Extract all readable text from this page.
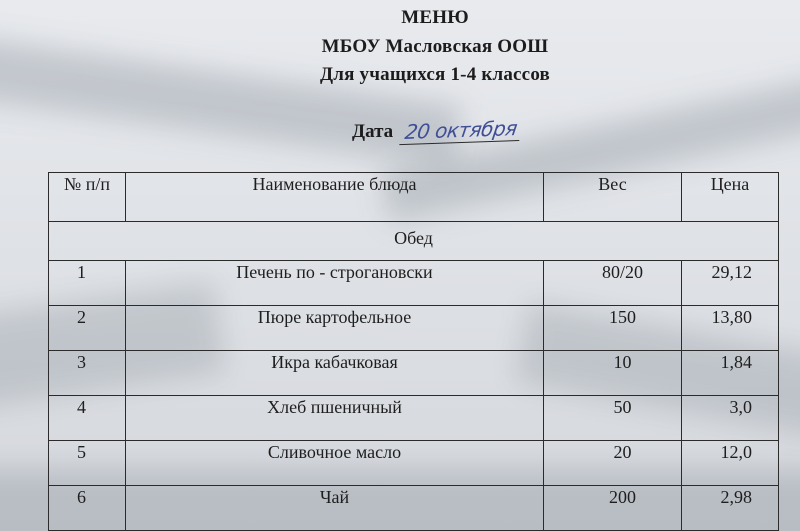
МЕНЮ
МБОУ Масловская ООШ
Для учащихся 1-4 классов
Дата 20 октября
№ п/п	Наименование блюда	Вес	Цена
Обед			
1	Печень по - строгановски	80/20	29,12
2	Пюре картофельное	150	13,80
3	Икра кабачковая	10	1,84
4	Хлеб пшеничный	50	3,0
5	Сливочное масло	20	12,0
6	Чай	200	2,98
